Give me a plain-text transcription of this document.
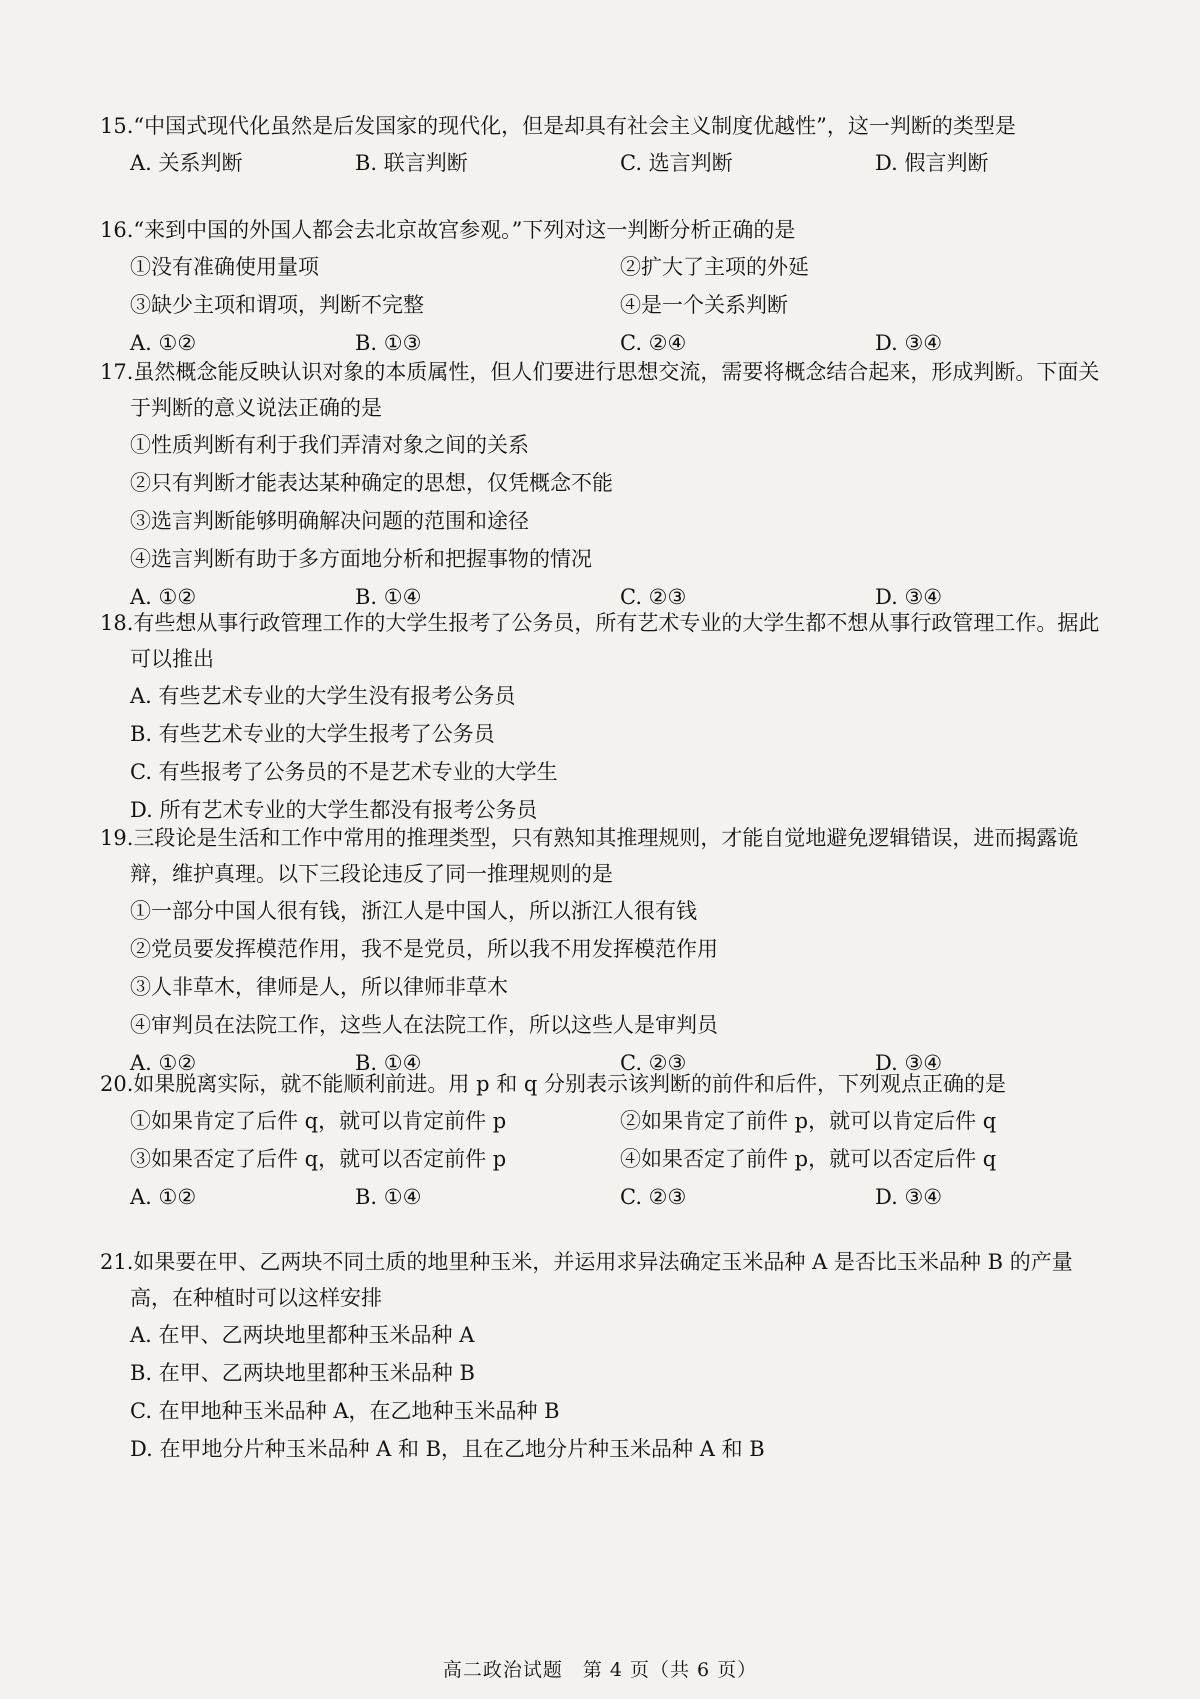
15.“中国式现代化虽然是后发国家的现代化，但是却具有社会主义制度优越性”，这一判断的类型是
A. 关系判断	B. 联言判断	C. 选言判断	D. 假言判断
16.“来到中国的外国人都会去北京故宫参观。”下列对这一判断分析正确的是
①没有准确使用量项	②扩大了主项的外延
③缺少主项和谓项，判断不完整	④是一个关系判断
A. ①②	B. ①③	C. ②④	D. ③④
17.虽然概念能反映认识对象的本质属性，但人们要进行思想交流，需要将概念结合起来，形成判断。下面关于判断的意义说法正确的是
①性质判断有利于我们弄清对象之间的关系
②只有判断才能表达某种确定的思想，仅凭概念不能
③选言判断能够明确解决问题的范围和途径
④选言判断有助于多方面地分析和把握事物的情况
A. ①②	B. ①④	C. ②③	D. ③④
18.有些想从事行政管理工作的大学生报考了公务员，所有艺术专业的大学生都不想从事行政管理工作。据此可以推出
A. 有些艺术专业的大学生没有报考公务员
B. 有些艺术专业的大学生报考了公务员
C. 有些报考了公务员的不是艺术专业的大学生
D. 所有艺术专业的大学生都没有报考公务员
19.三段论是生活和工作中常用的推理类型，只有熟知其推理规则，才能自觉地避免逻辑错误，进而揭露诡辩，维护真理。以下三段论违反了同一推理规则的是
①一部分中国人很有钱，浙江人是中国人，所以浙江人很有钱
②党员要发挥模范作用，我不是党员，所以我不用发挥模范作用
③人非草木，律师是人，所以律师非草木
④审判员在法院工作，这些人在法院工作，所以这些人是审判员
A. ①②	B. ①④	C. ②③	D. ③④
20.如果脱离实际，就不能顺利前进。用 p 和 q 分别表示该判断的前件和后件，下列观点正确的是
①如果肯定了后件 q，就可以肯定前件 p	②如果肯定了前件 p，就可以肯定后件 q
③如果否定了后件 q，就可以否定前件 p	④如果否定了前件 p，就可以否定后件 q
A. ①②	B. ①④	C. ②③	D. ③④
21.如果要在甲、乙两块不同土质的地里种玉米，并运用求异法确定玉米品种 A 是否比玉米品种 B 的产量高，在种植时可以这样安排
A. 在甲、乙两块地里都种玉米品种 A
B. 在甲、乙两块地里都种玉米品种 B
C. 在甲地种玉米品种 A，在乙地种玉米品种 B
D. 在甲地分片种玉米品种 A 和 B，且在乙地分片种玉米品种 A 和 B
高二政治试题　第 4 页（共 6 页）
